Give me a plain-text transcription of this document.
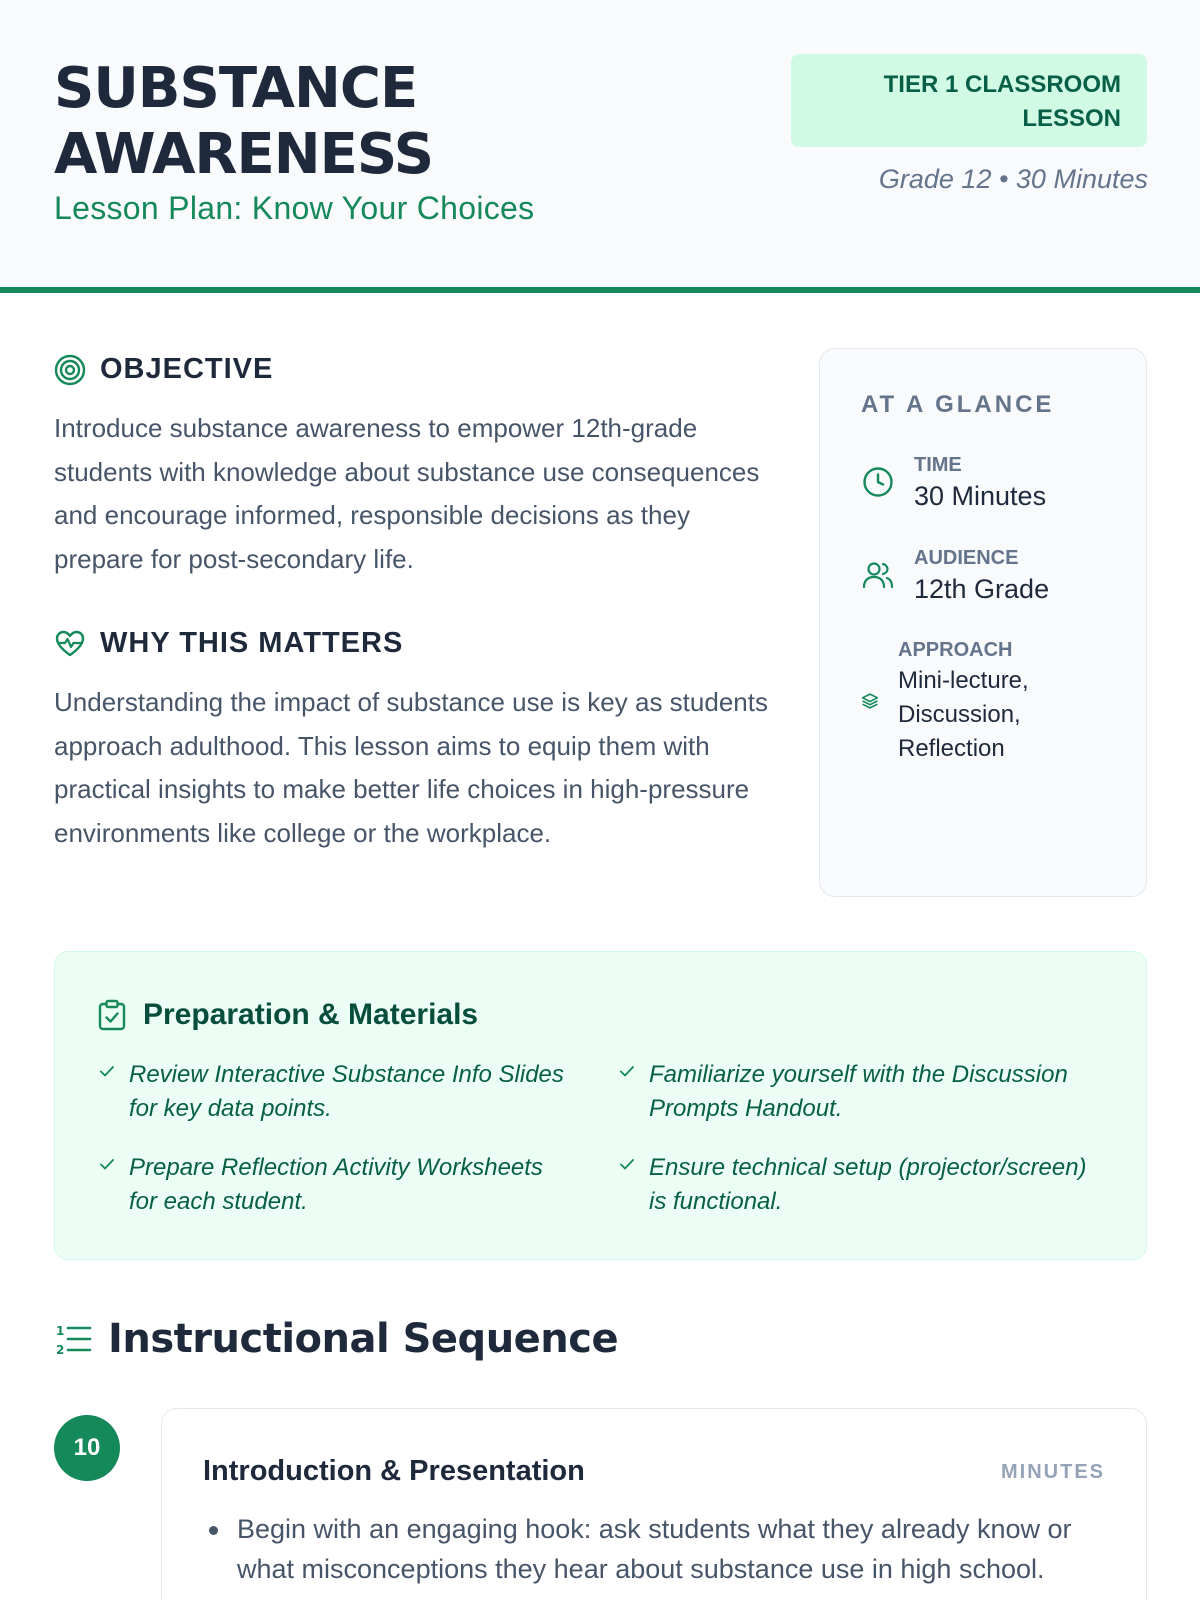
SUBSTANCE
AWARENESS
Lesson Plan: Know Your Choices
TIER 1 CLASSROOM
LESSON
Grade 12 • 30 Minutes
OBJECTIVE

Introduce substance awareness to empower 12th-grade students with knowledge about substance use consequences and encourage informed, responsible decisions as they prepare for post-secondary life.

WHY THIS MATTERS

Understanding the impact of substance use is key as students approach adulthood. This lesson aims to equip them with practical insights to make better life choices in high-pressure environments like college or the workplace.

AT A GLANCE
TIME
30 Minutes
AUDIENCE
12th Grade
APPROACH
Mini-lecture, Discussion, Reflection
Preparation & Materials
Review Interactive Substance Info Slides for key data points.
Familiarize yourself with the Discussion Prompts Handout.
Prepare Reflection Activity Worksheets for each student.
Ensure technical setup (projector/screen) is functional.
1
2 Instructional Sequence
10
Introduction & Presentation	MINUTES
Begin with an engaging hook: ask students what they already know or what misconceptions they hear about substance use in high school.
